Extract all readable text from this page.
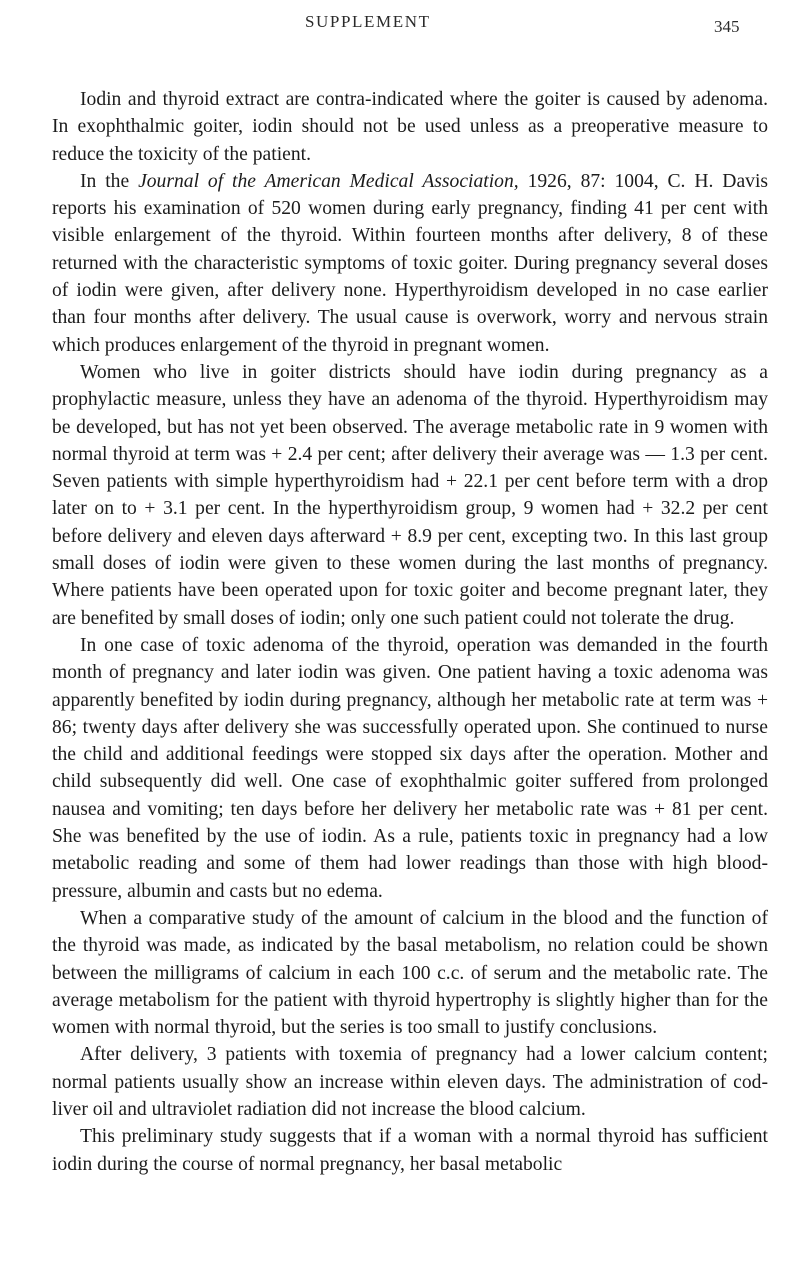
SUPPLEMENT	345

Iodin and thyroid extract are contra-indicated where the goiter is caused by adenoma. In exophthalmic goiter, iodin should not be used unless as a preoperative measure to reduce the toxicity of the patient.

In the Journal of the American Medical Association, 1926, 87: 1004, C. H. Davis reports his examination of 520 women during early pregnancy, finding 41 per cent with visible enlargement of the thyroid. Within fourteen months after delivery, 8 of these returned with the characteristic symptoms of toxic goiter. During pregnancy several doses of iodin were given, after delivery none. Hyperthyroidism developed in no case earlier than four months after delivery. The usual cause is overwork, worry and nervous strain which produces enlargement of the thyroid in pregnant women.

Women who live in goiter districts should have iodin during pregnancy as a prophylactic measure, unless they have an adenoma of the thyroid. Hyperthyroidism may be developed, but has not yet been observed. The average metabolic rate in 9 women with normal thyroid at term was + 2.4 per cent; after delivery their average was — 1.3 per cent. Seven patients with simple hyperthyroidism had + 22.1 per cent before term with a drop later on to + 3.1 per cent. In the hyperthyroidism group, 9 women had + 32.2 per cent before delivery and eleven days afterward + 8.9 per cent, excepting two. In this last group small doses of iodin were given to these women during the last months of pregnancy. Where patients have been operated upon for toxic goiter and become pregnant later, they are benefited by small doses of iodin; only one such patient could not tolerate the drug.

In one case of toxic adenoma of the thyroid, operation was demanded in the fourth month of pregnancy and later iodin was given. One patient having a toxic adenoma was apparently benefited by iodin during pregnancy, although her metabolic rate at term was + 86; twenty days after delivery she was successfully operated upon. She continued to nurse the child and additional feedings were stopped six days after the operation. Mother and child subsequently did well. One case of exophthalmic goiter suffered from prolonged nausea and vomiting; ten days before her delivery her metabolic rate was + 81 per cent. She was benefited by the use of iodin. As a rule, patients toxic in pregnancy had a low metabolic reading and some of them had lower readings than those with high blood-pressure, albumin and casts but no edema.

When a comparative study of the amount of calcium in the blood and the function of the thyroid was made, as indicated by the basal metabolism, no relation could be shown between the milligrams of calcium in each 100 c.c. of serum and the metabolic rate. The average metabolism for the patient with thyroid hypertrophy is slightly higher than for the women with normal thyroid, but the series is too small to justify conclusions.

After delivery, 3 patients with toxemia of pregnancy had a lower calcium content; normal patients usually show an increase within eleven days. The administration of cod-liver oil and ultraviolet radiation did not increase the blood calcium.

This preliminary study suggests that if a woman with a normal thyroid has sufficient iodin during the course of normal pregnancy, her basal metabolic
